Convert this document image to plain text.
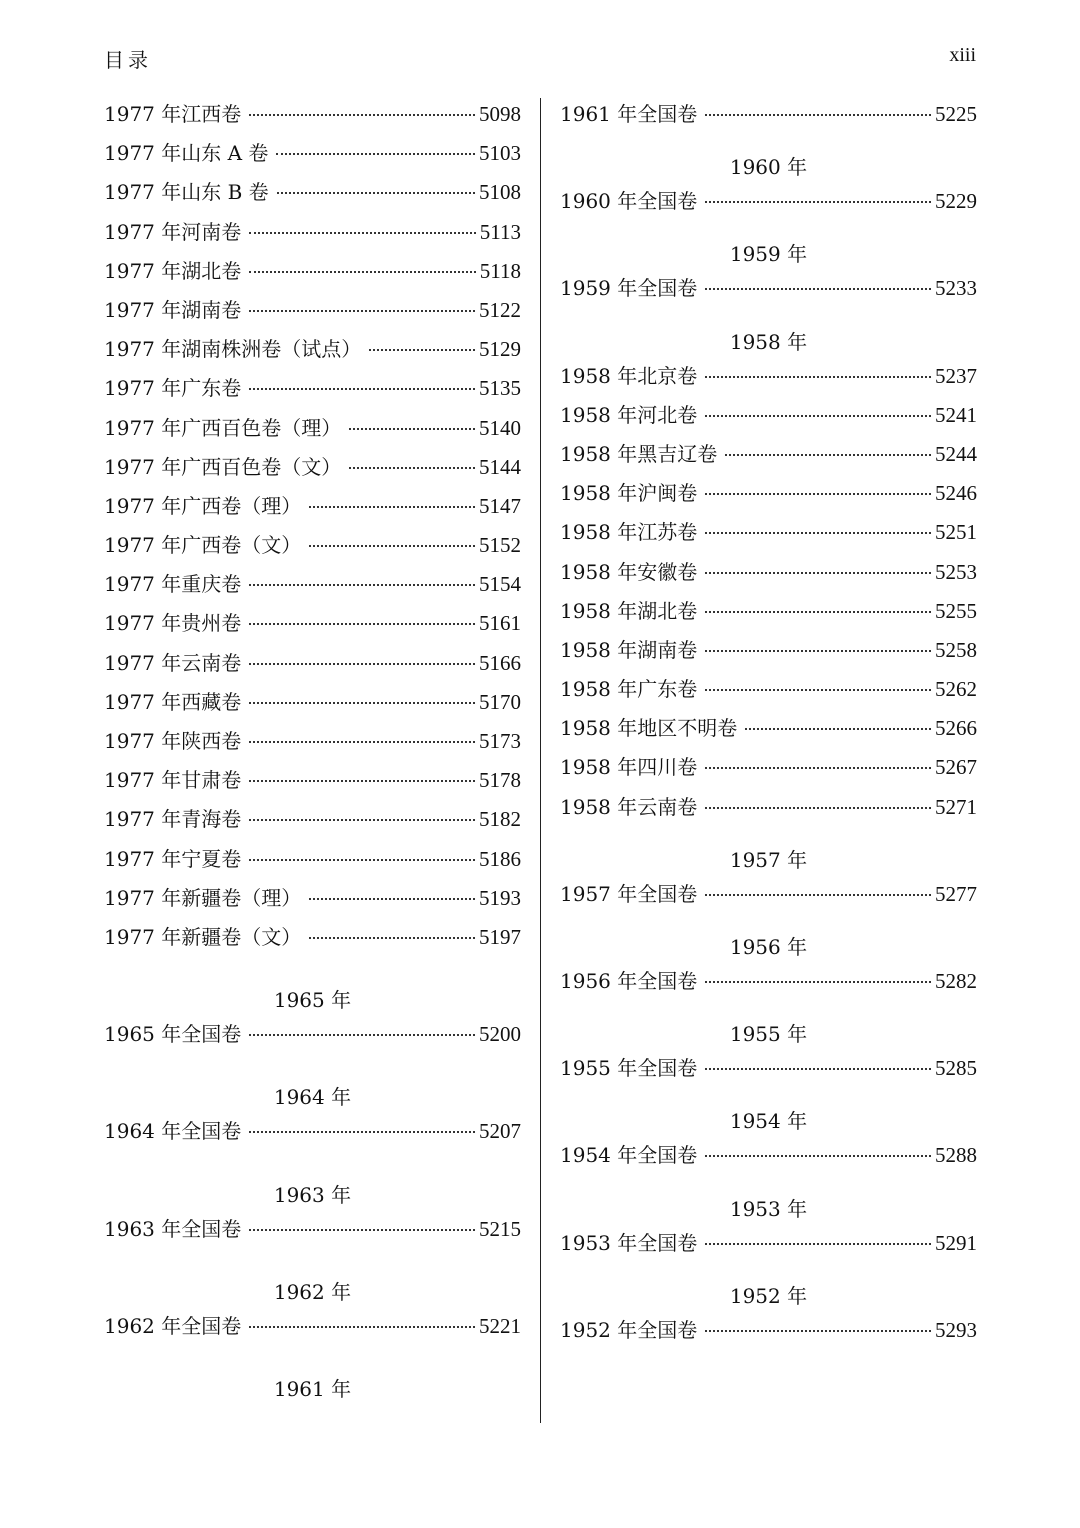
目录	xiii
1977 年江西卷	5098
1977 年山东 A 卷	5103
1977 年山东 B 卷	5108
1977 年河南卷	5113
1977 年湖北卷	5118
1977 年湖南卷	5122
1977 年湖南株洲卷（试点）	5129
1977 年广东卷	5135
1977 年广西百色卷（理）	5140
1977 年广西百色卷（文）	5144
1977 年广西卷（理）	5147
1977 年广西卷（文）	5152
1977 年重庆卷	5154
1977 年贵州卷	5161
1977 年云南卷	5166
1977 年西藏卷	5170
1977 年陕西卷	5173
1977 年甘肃卷	5178
1977 年青海卷	5182
1977 年宁夏卷	5186
1977 年新疆卷（理）	5193
1977 年新疆卷（文）	5197
1965 年
1965 年全国卷	5200
1964 年
1964 年全国卷	5207
1963 年
1963 年全国卷	5215
1962 年
1962 年全国卷	5221
1961 年
1961 年全国卷	5225
1960 年
1960 年全国卷	5229
1959 年
1959 年全国卷	5233
1958 年
1958 年北京卷	5237
1958 年河北卷	5241
1958 年黑吉辽卷	5244
1958 年沪闽卷	5246
1958 年江苏卷	5251
1958 年安徽卷	5253
1958 年湖北卷	5255
1958 年湖南卷	5258
1958 年广东卷	5262
1958 年地区不明卷	5266
1958 年四川卷	5267
1958 年云南卷	5271
1957 年
1957 年全国卷	5277
1956 年
1956 年全国卷	5282
1955 年
1955 年全国卷	5285
1954 年
1954 年全国卷	5288
1953 年
1953 年全国卷	5291
1952 年
1952 年全国卷	5293
